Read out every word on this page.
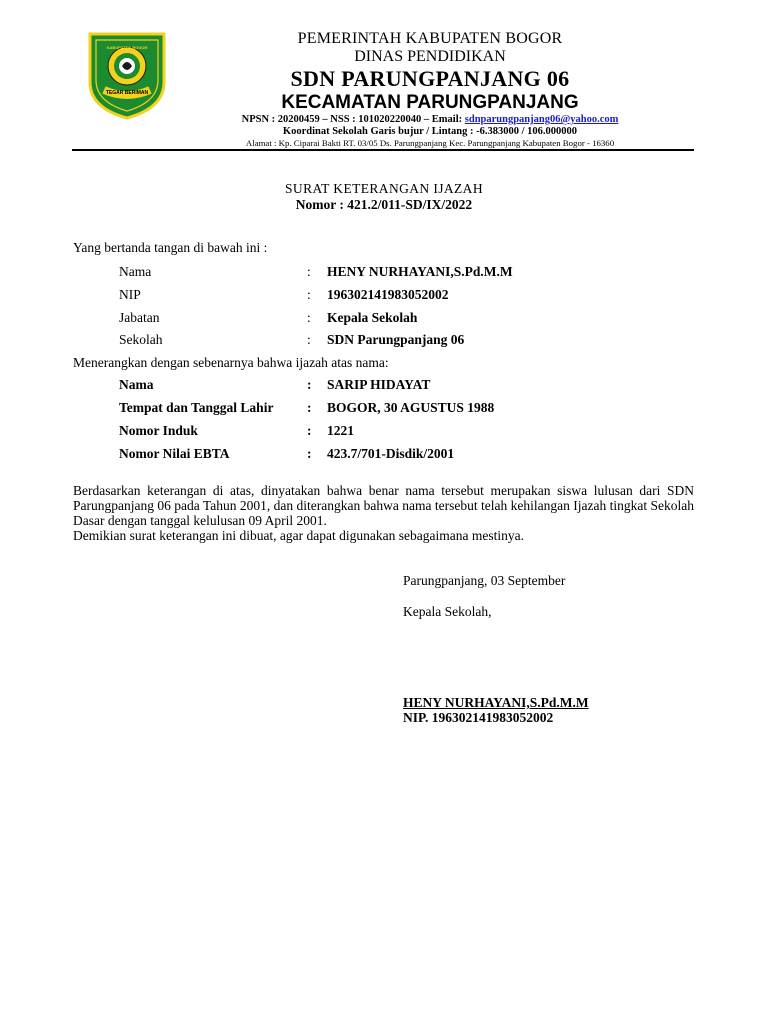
TEGAR BERIMAN
KABUPATEN BOGOR
PEMERINTAH KABUPATEN BOGOR
DINAS PENDIDIKAN
SDN PARUNGPANJANG 06
KECAMATAN PARUNGPANJANG
NPSN : 20200459 – NSS : 101020220040 – Email: sdnparungpanjang06@yahoo.com
Koordinat Sekolah Garis bujur / Lintang : -6.383000 / 106.000000
Alamat : Kp. Ciparai Bakti RT. 03/05 Ds. Parungpanjang Kec. Parungpanjang Kabupaten Bogor - 16360
SURAT KETERANGAN IJAZAH
Nomor : 421.2/011-SD/IX/2022
Yang bertanda tangan di bawah ini :
Nama	: HENY NURHAYANI,S.Pd.M.M
NIP	: 196302141983052002
Jabatan	: Kepala Sekolah
Sekolah	: SDN Parungpanjang 06
Menerangkan dengan sebenarnya bahwa ijazah atas nama:
Nama	: SARIP HIDAYAT
Tempat dan Tanggal Lahir : BOGOR, 30 AGUSTUS 1988
Nomor Induk	: 1221
Nomor Nilai EBTA	: 423.7/701-Disdik/2001

Berdasarkan keterangan di atas, dinyatakan bahwa benar nama tersebut merupakan siswa lulusan dari SDN Parungpanjang 06 pada Tahun 2001, dan diterangkan bahwa nama tersebut telah kehilangan Ijazah tingkat Sekolah Dasar dengan tanggal kelulusan 09 April 2001.

Demikian surat keterangan ini dibuat, agar dapat digunakan sebagaimana mestinya.

Parungpanjang, 03 September
Kepala Sekolah,
HENY NURHAYANI,S.Pd.M.M
NIP. 196302141983052002
